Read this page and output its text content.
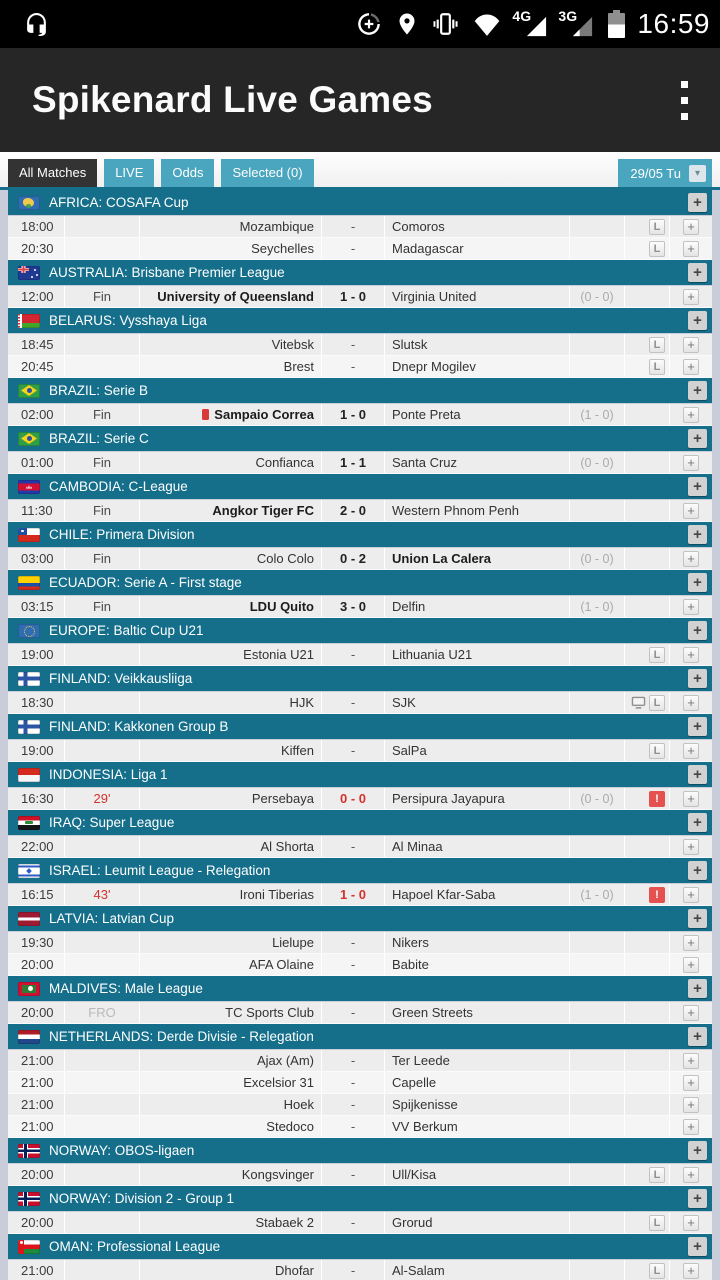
4G 3G 16:59
Spikenard Live Games
All Matches	LIVE	Odds	Selected (0)	29/05 Tu	▾
AFRICA: COSAFA Cup	+
18:00	Mozambique	-	Comoros	L	+
20:30	Seychelles	-	Madagascar	L	+
AUSTRALIA: Brisbane Premier League	+
12:00	Fin	University of Queensland	1 - 0	Virginia United	(0 - 0)	+
BELARUS: Vysshaya Liga	+
18:45	Vitebsk	-	Slutsk	L	+
20:45	Brest	-	Dnepr Mogilev	L	+
BRAZIL: Serie B	+
02:00	Fin	Sampaio Correa	1 - 0	Ponte Preta	(1 - 0)	+
BRAZIL: Serie C	+
01:00	Fin	Confianca	1 - 1	Santa Cruz	(0 - 0)	+
CAMBODIA: C-League	+
11:30	Fin	Angkor Tiger FC	2 - 0	Western Phnom Penh	+
CHILE: Primera Division	+
03:00	Fin	Colo Colo	0 - 2	Union La Calera	(0 - 0)	+
ECUADOR: Serie A - First stage	+
03:15	Fin	LDU Quito	3 - 0	Delfin	(1 - 0)	+
EUROPE: Baltic Cup U21	+
19:00	Estonia U21	-	Lithuania U21	L	+
FINLAND: Veikkausliiga	+
18:30	HJK	-	SJK	L	+
FINLAND: Kakkonen Group B	+
19:00	Kiffen	-	SalPa	L	+
INDONESIA: Liga 1	+
16:30	29'	Persebaya	0 - 0	Persipura Jayapura	(0 - 0)	!	+
IRAQ: Super League	+
22:00	Al Shorta	-	Al Minaa	+
ISRAEL: Leumit League - Relegation	+
16:15	43'	Ironi Tiberias	1 - 0	Hapoel Kfar-Saba	(1 - 0)	!	+
LATVIA: Latvian Cup	+
19:30	Lielupe	-	Nikers	+
20:00	AFA Olaine	-	Babite	+
MALDIVES: Male League	+
20:00	FRO	TC Sports Club	-	Green Streets	+
NETHERLANDS: Derde Divisie - Relegation	+
21:00	Ajax (Am)	-	Ter Leede	+
21:00	Excelsior 31	-	Capelle	+
21:00	Hoek	-	Spijkenisse	+
21:00	Stedoco	-	VV Berkum	+
NORWAY: OBOS-ligaen	+
20:00	Kongsvinger	-	Ull/Kisa	L	+
NORWAY: Division 2 - Group 1	+
20:00	Stabaek 2	-	Grorud	L	+
OMAN: Professional League	+
21:00	Dhofar	-	Al-Salam	L	+
